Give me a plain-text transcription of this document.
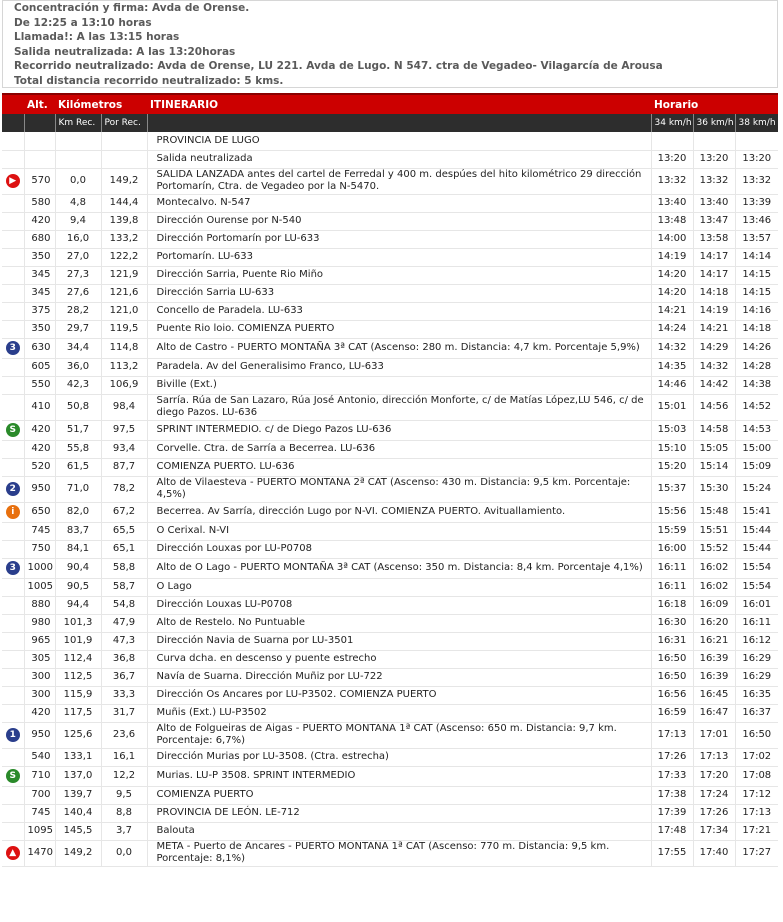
Concentración y firma: Avda de Orense.
De 12:25 a 13:10 horas
Llamada!: A las 13:15 horas
Salida neutralizada: A las 13:20horas
Recorrido neutralizado: Avda de Orense, LU 221. Avda de Lugo. N 547. ctra de Vegadeo- Vilagarcía de Arousa
Total distancia recorrido neutralizado: 5 kms.
	Alt.	Kilómetros		ITINERARIO	Horario		
		Km Rec.	Por Rec.		34 km/h	36 km/h	38 km/h
				PROVINCIA DE LUGO			
				Salida neutralizada	13:20	13:20	13:20
▶	570	0,0	149,2	SALIDA LANZADA antes del cartel de Ferredal y 400 m. despúes del hito kilométrico 29 dirección Portomarín, Ctra. de Vegadeo por la N-5470.	13:32	13:32	13:32
	580	4,8	144,4	Montecalvo. N-547	13:40	13:40	13:39
	420	9,4	139,8	Dirección Ourense por N-540	13:48	13:47	13:46
	680	16,0	133,2	Dirección Portomarín por LU-633	14:00	13:58	13:57
	350	27,0	122,2	Portomarín. LU-633	14:19	14:17	14:14
	345	27,3	121,9	Dirección Sarria, Puente Rio Miño	14:20	14:17	14:15
	345	27,6	121,6	Dirección Sarria LU-633	14:20	14:18	14:15
	375	28,2	121,0	Concello de Paradela. LU-633	14:21	14:19	14:16
	350	29,7	119,5	Puente Rio loio. COMIENZA PUERTO	14:24	14:21	14:18
3	630	34,4	114,8	Alto de Castro - PUERTO MONTAÑA 3ª CAT (Ascenso: 280 m. Distancia: 4,7 km. Porcentaje 5,9%)	14:32	14:29	14:26
	605	36,0	113,2	Paradela. Av del Generalisimo Franco, LU-633	14:35	14:32	14:28
	550	42,3	106,9	Biville (Ext.)	14:46	14:42	14:38
	410	50,8	98,4	Sarría. Rúa de San Lazaro, Rúa José Antonio, dirección Monforte, c/ de Matías López,LU 546, c/ de diego Pazos. LU-636	15:01	14:56	14:52
S	420	51,7	97,5	SPRINT INTERMEDIO. c/ de Diego Pazos LU-636	15:03	14:58	14:53
	420	55,8	93,4	Corvelle. Ctra. de Sarría a Becerrea. LU-636	15:10	15:05	15:00
	520	61,5	87,7	COMIENZA PUERTO. LU-636	15:20	15:14	15:09
2	950	71,0	78,2	Alto de Vilaesteva - PUERTO MONTAÑA 2ª CAT (Ascenso: 430 m. Distancia: 9,5 km. Porcentaje: 4,5%)	15:37	15:30	15:24
i	650	82,0	67,2	Becerrea. Av Sarría, dirección Lugo por N-VI. COMIENZA PUERTO. Avituallamiento.	15:56	15:48	15:41
	745	83,7	65,5	O Cerixal. N-VI	15:59	15:51	15:44
	750	84,1	65,1	Dirección Louxas por LU-P0708	16:00	15:52	15:44
3	1000	90,4	58,8	Alto de O Lago - PUERTO MONTAÑA 3ª CAT (Ascenso: 350 m. Distancia: 8,4 km. Porcentaje 4,1%)	16:11	16:02	15:54
	1005	90,5	58,7	O Lago	16:11	16:02	15:54
	880	94,4	54,8	Dirección Louxas LU-P0708	16:18	16:09	16:01
	980	101,3	47,9	Alto de Restelo. No Puntuable	16:30	16:20	16:11
	965	101,9	47,3	Dirección Navia de Suarna por LU-3501	16:31	16:21	16:12
	305	112,4	36,8	Curva dcha. en descenso y puente estrecho	16:50	16:39	16:29
	300	112,5	36,7	Navía de Suarna. Dirección Muñiz por LU-722	16:50	16:39	16:29
	300	115,9	33,3	Dirección Os Ancares por LU-P3502. COMIENZA PUERTO	16:56	16:45	16:35
	420	117,5	31,7	Muñis (Ext.) LU-P3502	16:59	16:47	16:37
1	950	125,6	23,6	Alto de Folgueiras de Aigas - PUERTO MONTAÑA 1ª CAT (Ascenso: 650 m. Distancia: 9,7 km. Porcentaje: 6,7%)	17:13	17:01	16:50
	540	133,1	16,1	Dirección Murias por LU-3508. (Ctra. estrecha)	17:26	17:13	17:02
S	710	137,0	12,2	Murias. LU-P 3508. SPRINT INTERMEDIO	17:33	17:20	17:08
	700	139,7	9,5	COMIENZA PUERTO	17:38	17:24	17:12
	745	140,4	8,8	PROVINCIA DE LEÓN. LE-712	17:39	17:26	17:13
	1095	145,5	3,7	Balouta	17:48	17:34	17:21
▲	1470	149,2	0,0	META - Puerto de Ancares - PUERTO MONTAÑA 1ª CAT (Ascenso: 770 m. Distancia: 9,5 km. Porcentaje: 8,1%)	17:55	17:40	17:27
